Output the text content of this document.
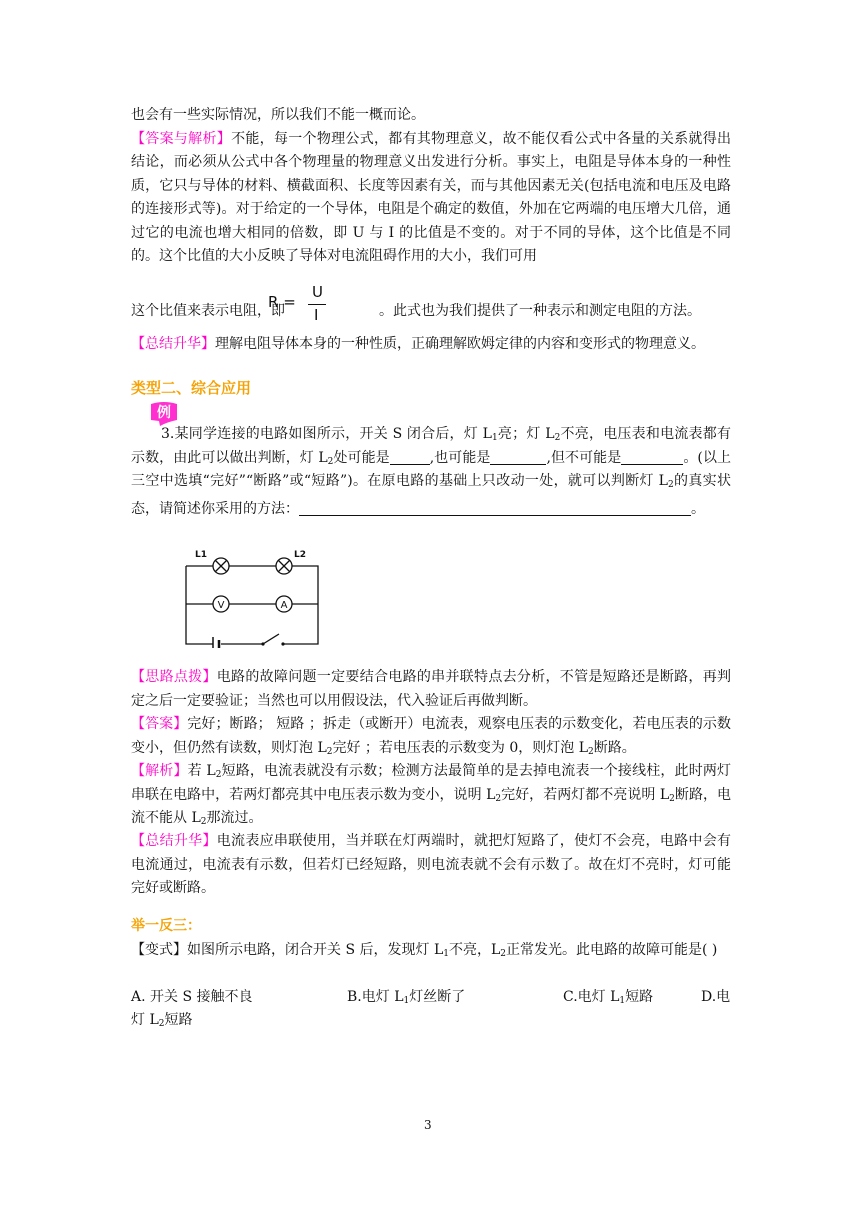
也会有一些实际情况，所以我们不能一概而论。
【答案与解析】不能，每一个物理公式，都有其物理意义，故不能仅看公式中各量的关系就得出结论，而必须从公式中各个物理量的物理意义出发进行分析。事实上，电阻是导体本身的一种性质，它只与导体的材料、横截面积、长度等因素有关，而与其他因素无关(包括电流和电压及电路的连接形式等)。对于给定的一个导体，电阻是个确定的数值，外加在它两端的电压增大几倍，通过它的电流也增大相同的倍数，即 U 与 I 的比值是不变的。对于不同的导体，这个比值是不同的。这个比值的大小反映了导体对电流阻碍作用的大小，我们可用
这个比值来表示电阻，即	。此式也为我们提供了一种表示和测定电阻的方法。
R =
U
I
【总结升华】理解电阻导体本身的一种性质，正确理解欧姆定律的内容和变形式的物理意义。
类型二、综合应用
例
3.某同学连接的电路如图所示，开关 S 闭合后，灯 $L_1$亮；灯 $L_2$不亮，电压表和电流表都有示数，由此可以做出判断，灯 $L_2$处可能是	,也可能是	,但不可能是	。(以上三空中选填“完好”“断路”或“短路”)。在原电路的基础上只改动一处，就可以判断灯 L2的真实状态，请简述你采用的方法：	。
L1	L2
V	A
【思路点拨】电路的故障问题一定要结合电路的串并联特点去分析，不管是短路还是断路，再判定之后一定要验证；当然也可以用假设法，代入验证后再做判断。
【答案】完好；断路； 短路 ；拆走（或断开）电流表，观察电压表的示数变化，若电压表的示数变小，但仍然有读数，则灯泡 $L_2$完好 ；若电压表的示数变为 0，则灯泡 $L_2$断路。
【解析】若 $L_2$短路，电流表就没有示数；检测方法最简单的是去掉电流表一个接线柱，此时两灯串联在电路中，若两灯都亮其中电压表示数为变小，说明 $L_2$完好，若两灯都不亮说明 $L_2$断路，电流不能从 $L_2$那流过。
【总结升华】电流表应串联使用，当并联在灯两端时，就把灯短路了，使灯不会亮，电路中会有电流通过，电流表有示数，但若灯已经短路，则电流表就不会有示数了。故在灯不亮时，灯可能完好或断路。
举一反三：
【变式】如图所示电路，闭合开关 S 后，发现灯 $L_1$不亮，$L_2$正常发光。此电路的故障可能是( )
A. 开关 S 接触不良	B.电灯 $L_1$灯丝断了	C.电灯 $L_1$短路	D.电
灯 $L_2$短路
3
